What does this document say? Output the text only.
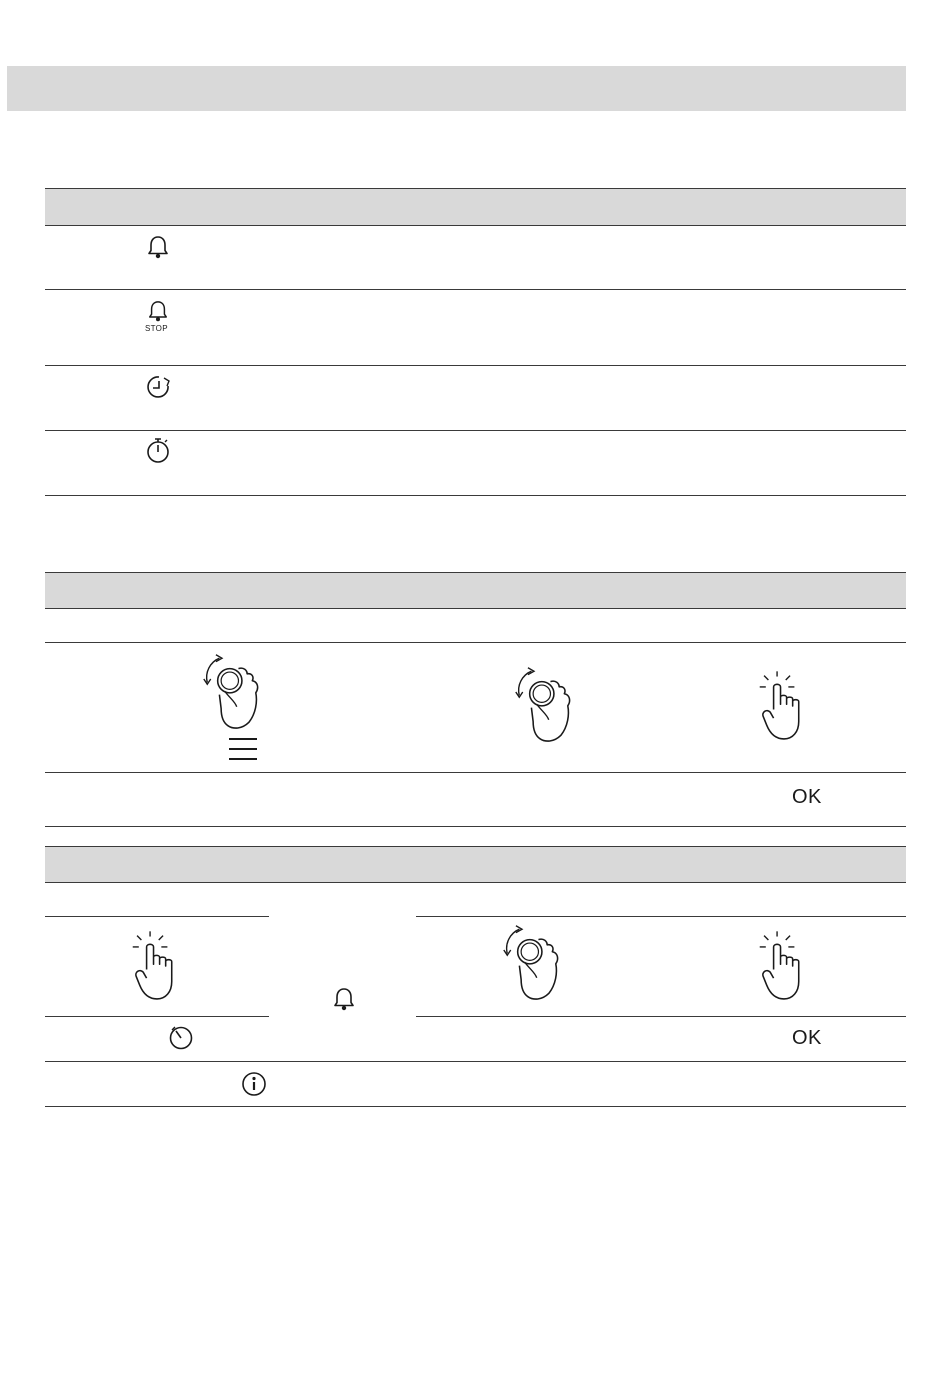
STOP
OK
OK
